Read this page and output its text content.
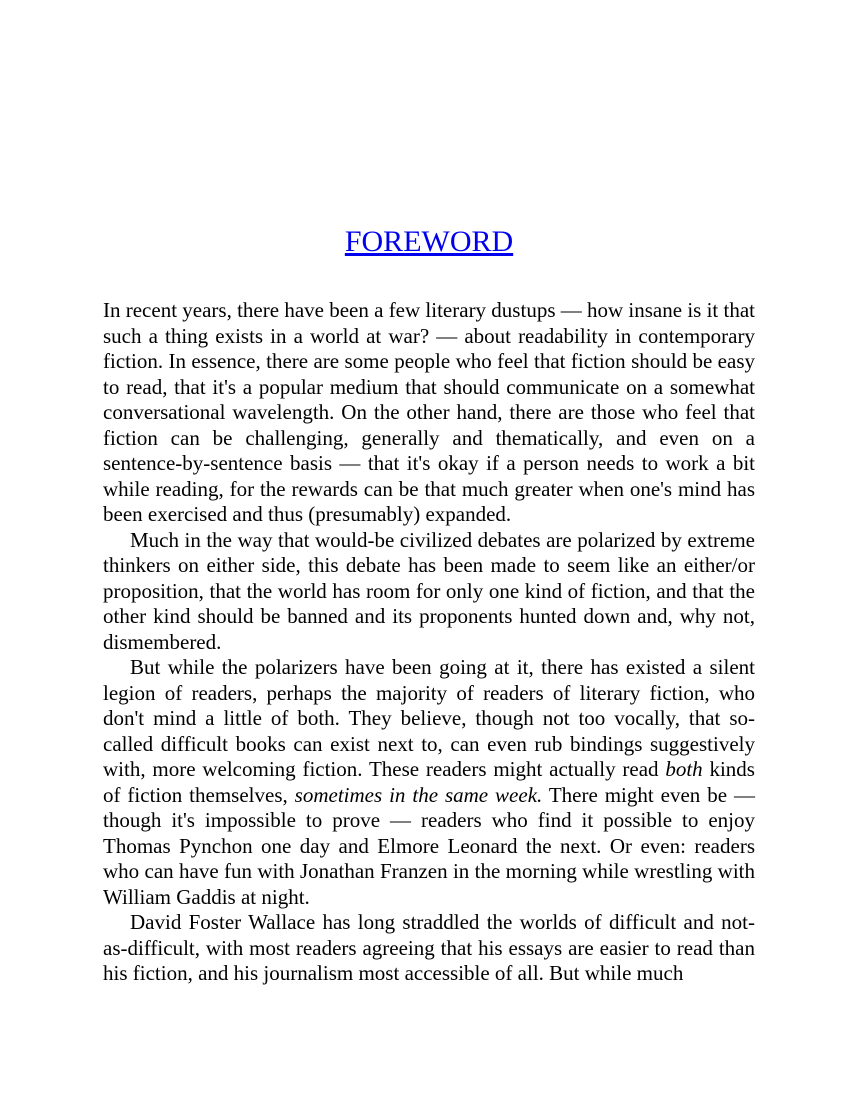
FOREWORD

In recent years, there have been a few literary dustups — how insane is it that such a thing exists in a world at war? — about readability in contemporary fiction. In essence, there are some people who feel that fiction should be easy to read, that it's a popular medium that should communicate on a somewhat conversational wavelength. On the other hand, there are those who feel that fiction can be challenging, generally and thematically, and even on a sentence-by-sentence basis — that it's okay if a person needs to work a bit while reading, for the rewards can be that much greater when one's mind has been exercised and thus (presumably) expanded.

Much in the way that would-be civilized debates are polarized by extreme thinkers on either side, this debate has been made to seem like an either/or proposition, that the world has room for only one kind of fiction, and that the other kind should be banned and its proponents hunted down and, why not, dismembered.

But while the polarizers have been going at it, there has existed a silent legion of readers, perhaps the majority of readers of literary fiction, who don't mind a little of both. They believe, though not too vocally, that so-called difficult books can exist next to, can even rub bindings suggestively with, more welcoming fiction. These readers might actually read both kinds of fiction themselves, sometimes in the same week. There might even be — though it's impossible to prove — readers who find it possible to enjoy Thomas Pynchon one day and Elmore Leonard the next. Or even: readers who can have fun with Jonathan Franzen in the morning while wrestling with William Gaddis at night.

David Foster Wallace has long straddled the worlds of difficult and not-as-difficult, with most readers agreeing that his essays are easier to read than his fiction, and his journalism most accessible of all. But while much
